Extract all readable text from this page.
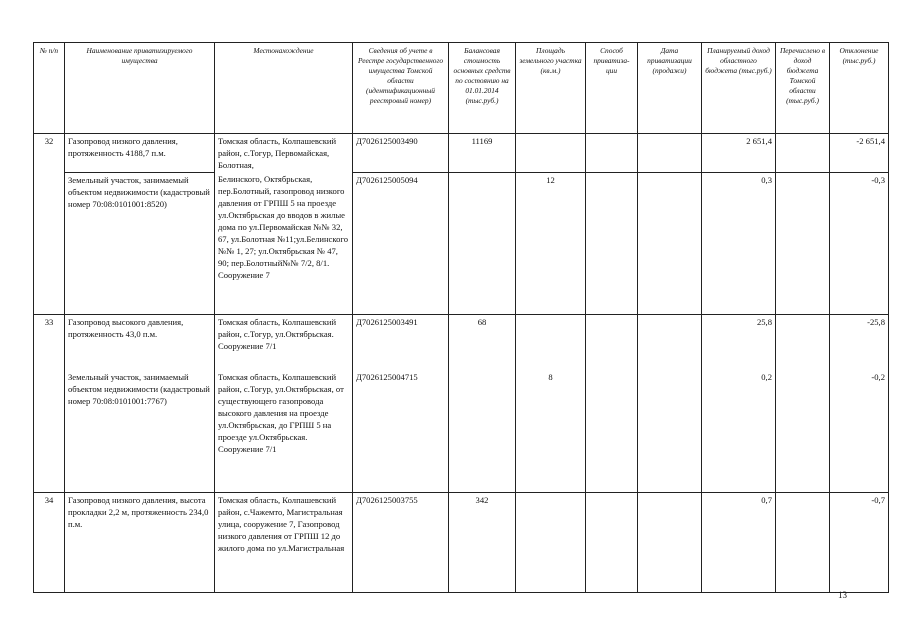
№ п/п	Наименование приватизируемого имущества	Местонахождение	Сведения об учете в Реестре государственного имущества Томской области (идентификационный реестровый номер)	Балансовая стоимость основных средств по состоянию на 01.01.2014 (тыс.руб.)	Площадь земельного участка (кв.м.)	Способ приватиза-ции	Дата приватизации (продажи)	Планируемый доход областного бюджета (тыс.руб.)	Перечислено в доход бюджета Томской области (тыс.руб.)	Отклонение (тыс.руб.)
32	Газопровод низкого давления, протяженность 4188,7 п.м.	Томская область, Колпашевский район, с.Тогур, Первомайская, Болотная,	Д7026125003490	11169				2 651,4		-2 651,4
	Земельный участок, занимаемый объектом недвижимости (кадастровый номер 70:08:0101001:8520)	Белинского, Октябрьская, пер.Болотный, газопровод низкого давления от ГРПШ 5 на проезде ул.Октябрьская до вводов в жилые дома по ул.Первомайская №№ 32, 67, ул.Болотная №11;ул.Белинского №№ 1, 27; ул.Октябрьская № 47, 90; пер.Болотный№№ 7/2, 8/1. Сооружение 7	Д7026125005094		12			0,3		-0,3
33	Газопровод высокого давления, протяженность 43,0 п.м.	Томская область, Колпашевский район, с.Тогур, ул.Октябрьская. Сооружение 7/1	Д7026125003491	68				25,8		-25,8
	Земельный участок, занимаемый объектом недвижимости (кадастровый номер 70:08:0101001:7767)	Томская область, Колпашевский район, с.Тогур, ул.Октябрьская, от существующего газопровода высокого давления на проезде ул.Октябрьская, до ГРПШ 5 на проезде ул.Октябрьская. Сооружение 7/1	Д7026125004715		8			0,2		-0,2
34	Газопровод низкого давления, высота прокладки 2,2 м, протяженность 234,0 п.м.	Томская область, Колпашевский район, с.Чажемто, Магистральная улица, сооружение 7, Газопровод низкого давления от ГРПШ 12 до жилого дома по ул.Магистральная	Д7026125003755	342				0,7		-0,7
13
